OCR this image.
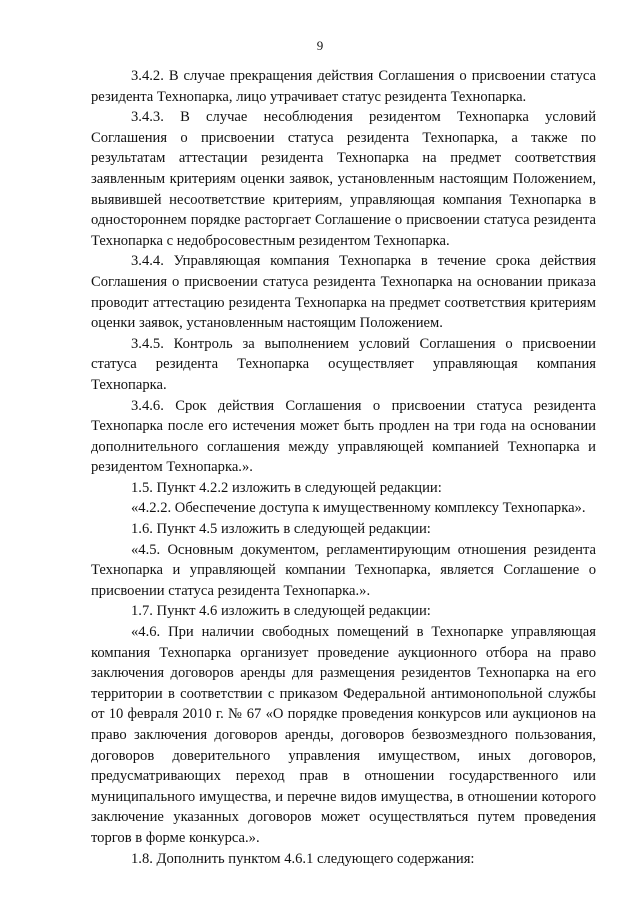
9

3.4.2. В случае прекращения действия Соглашения о присвоении статуса резидента Технопарка, лицо утрачивает статус резидента Технопарка.

3.4.3. В случае несоблюдения резидентом Технопарка условий Соглашения о присвоении статуса резидента Технопарка, а также по результатам аттестации резидента Технопарка на предмет соответствия заявленным критериям оценки заявок, установленным настоящим Положением, выявившей несоответствие критериям, управляющая компания Технопарка в одностороннем порядке расторгает Соглашение о присвоении статуса резидента Технопарка с недобросовестным резидентом Технопарка.

3.4.4. Управляющая компания Технопарка в течение срока действия Соглашения о присвоении статуса резидента Технопарка на основании приказа проводит аттестацию резидента Технопарка на предмет соответствия критериям оценки заявок, установленным настоящим Положением.

3.4.5. Контроль за выполнением условий Соглашения о присвоении статуса резидента Технопарка осуществляет управляющая компания Технопарка.

3.4.6. Срок действия Соглашения о присвоении статуса резидента Технопарка после его истечения может быть продлен на три года на основании дополнительного соглашения между управляющей компанией Технопарка и резидентом Технопарка.».

1.5. Пункт 4.2.2 изложить в следующей редакции:

«4.2.2. Обеспечение доступа к имущественному комплексу Технопарка».

1.6. Пункт 4.5 изложить в следующей редакции:

«4.5. Основным документом, регламентирующим отношения резидента Технопарка и управляющей компании Технопарка, является Соглашение о присвоении статуса резидента Технопарка.».

1.7. Пункт 4.6 изложить в следующей редакции:

«4.6. При наличии свободных помещений в Технопарке управляющая компания Технопарка организует проведение аукционного отбора на право заключения договоров аренды для размещения резидентов Технопарка на его территории в соответствии с приказом Федеральной антимонопольной службы от 10 февраля 2010 г. № 67 «О порядке проведения конкурсов или аукционов на право заключения договоров аренды, договоров безвозмездного пользования, договоров доверительного управления имуществом, иных договоров, предусматривающих переход прав в отношении государственного или муниципального имущества, и перечне видов имущества, в отношении которого заключение указанных договоров может осуществляться путем проведения торгов в форме конкурса.».

1.8. Дополнить пунктом 4.6.1 следующего содержания:
